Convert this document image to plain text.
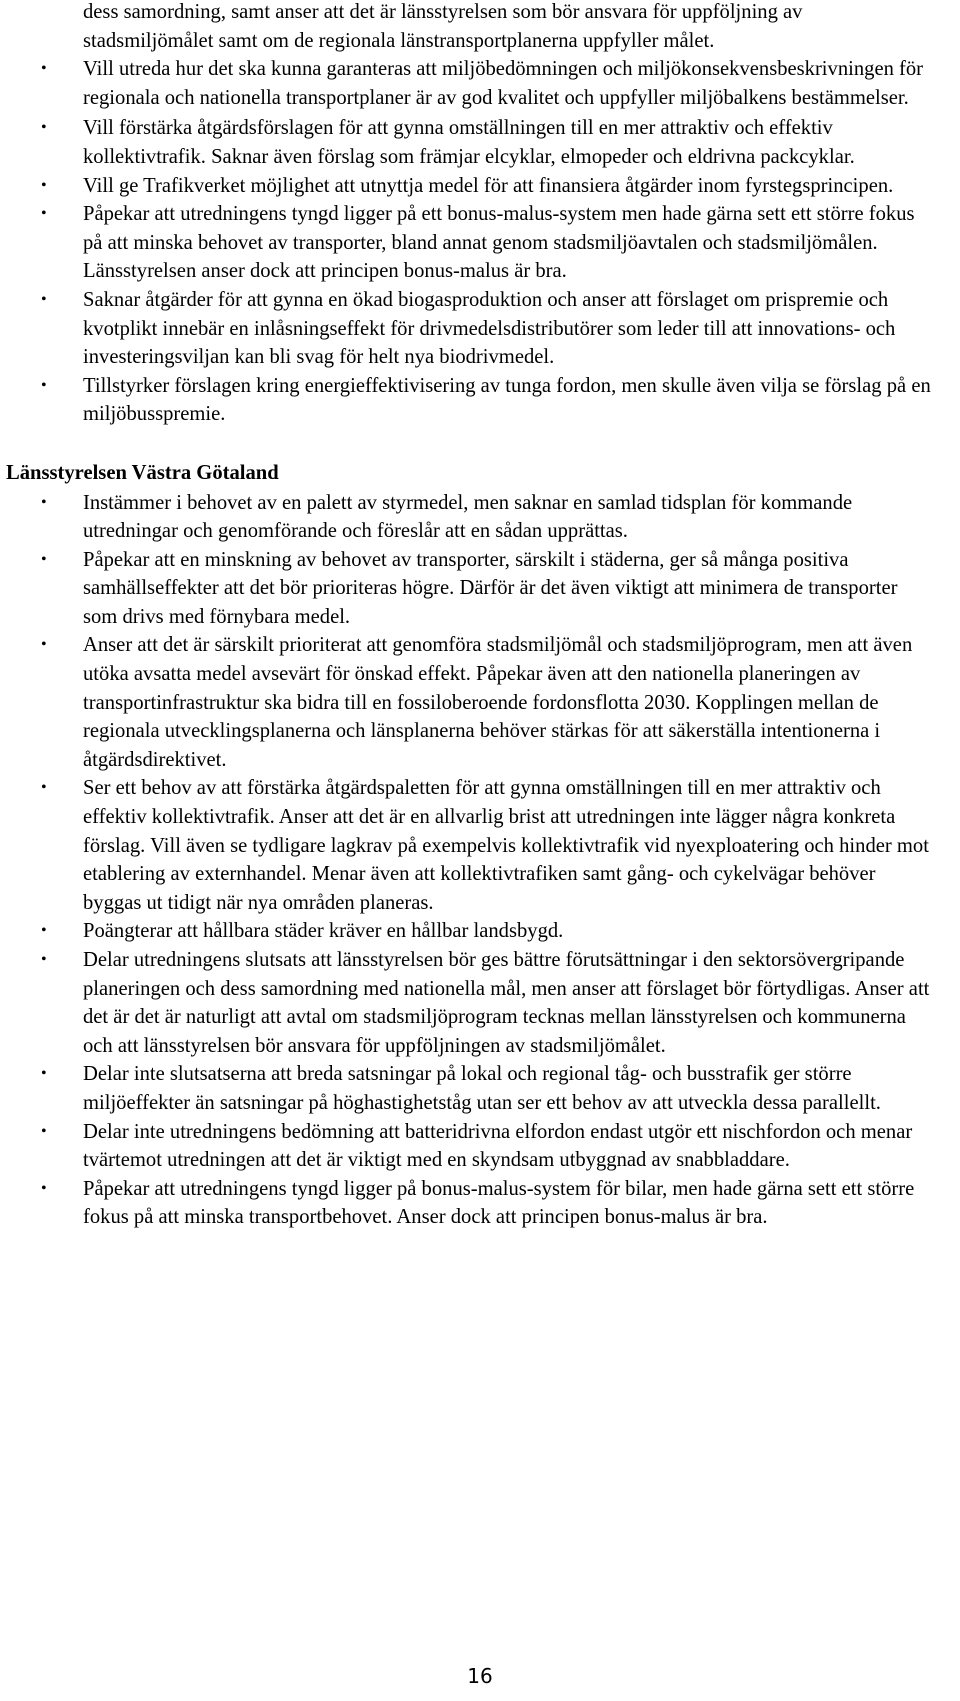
dess samordning, samt anser att det är länsstyrelsen som bör ansvara för uppföljning av stadsmiljömålet samt om de regionala länstransportplanerna uppfyller målet.
• Vill utreda hur det ska kunna garanteras att miljöbedömningen och miljökonsekvensbeskrivningen för regionala och nationella transportplaner är av god kvalitet och uppfyller miljöbalkens bestämmelser.
• Vill förstärka åtgärdsförslagen för att gynna omställningen till en mer attraktiv och effektiv kollektivtrafik. Saknar även förslag som främjar elcyklar, elmopeder och eldrivna packcyklar.
• Vill ge Trafikverket möjlighet att utnyttja medel för att finansiera åtgärder inom fyrstegsprincipen.
• Påpekar att utredningens tyngd ligger på ett bonus-malus-system men hade gärna sett ett större fokus på att minska behovet av transporter, bland annat genom stadsmiljöavtalen och stadsmiljömålen. Länsstyrelsen anser dock att principen bonus-malus är bra.
• Saknar åtgärder för att gynna en ökad biogasproduktion och anser att förslaget om prispremie och kvotplikt innebär en inlåsningseffekt för drivmedelsdistributörer som leder till att innovations- och investeringsviljan kan bli svag för helt nya biodrivmedel.
• Tillstyrker förslagen kring energieffektivisering av tunga fordon, men skulle även vilja se förslag på en miljöbusspremie.
Länsstyrelsen Västra Götaland
• Instämmer i behovet av en palett av styrmedel, men saknar en samlad tidsplan för kommande utredningar och genomförande och föreslår att en sådan upprättas.
• Påpekar att en minskning av behovet av transporter, särskilt i städerna, ger så många positiva samhällseffekter att det bör prioriteras högre. Därför är det även viktigt att minimera de transporter som drivs med förnybara medel.
• Anser att det är särskilt prioriterat att genomföra stadsmiljömål och stadsmiljöprogram, men att även utöka avsatta medel avsevärt för önskad effekt. Påpekar även att den nationella planeringen av transportinfrastruktur ska bidra till en fossiloberoende fordonsflotta 2030. Kopplingen mellan de regionala utvecklingsplanerna och länsplanerna behöver stärkas för att säkerställa intentionerna i åtgärdsdirektivet.
• Ser ett behov av att förstärka åtgärdspaletten för att gynna omställningen till en mer attraktiv och effektiv kollektivtrafik. Anser att det är en allvarlig brist att utredningen inte lägger några konkreta förslag. Vill även se tydligare lagkrav på exempelvis kollektivtrafik vid nyexploatering och hinder mot etablering av externhandel. Menar även att kollektivtrafiken samt gång- och cykelvägar behöver byggas ut tidigt när nya områden planeras.
• Poängterar att hållbara städer kräver en hållbar landsbygd.
• Delar utredningens slutsats att länsstyrelsen bör ges bättre förutsättningar i den sektorsövergripande planeringen och dess samordning med nationella mål, men anser att förslaget bör förtydligas. Anser att det är det är naturligt att avtal om stadsmiljöprogram tecknas mellan länsstyrelsen och kommunerna och att länsstyrelsen bör ansvara för uppföljningen av stadsmiljömålet.
• Delar inte slutsatserna att breda satsningar på lokal och regional tåg- och busstrafik ger större miljöeffekter än satsningar på höghastighetståg utan ser ett behov av att utveckla dessa parallellt.
• Delar inte utredningens bedömning att batteridrivna elfordon endast utgör ett nischfordon och menar tvärtemot utredningen att det är viktigt med en skyndsam utbyggnad av snabbladdare.
• Påpekar att utredningens tyngd ligger på bonus-malus-system för bilar, men hade gärna sett ett större fokus på att minska transportbehovet. Anser dock att principen bonus-malus är bra.
16
